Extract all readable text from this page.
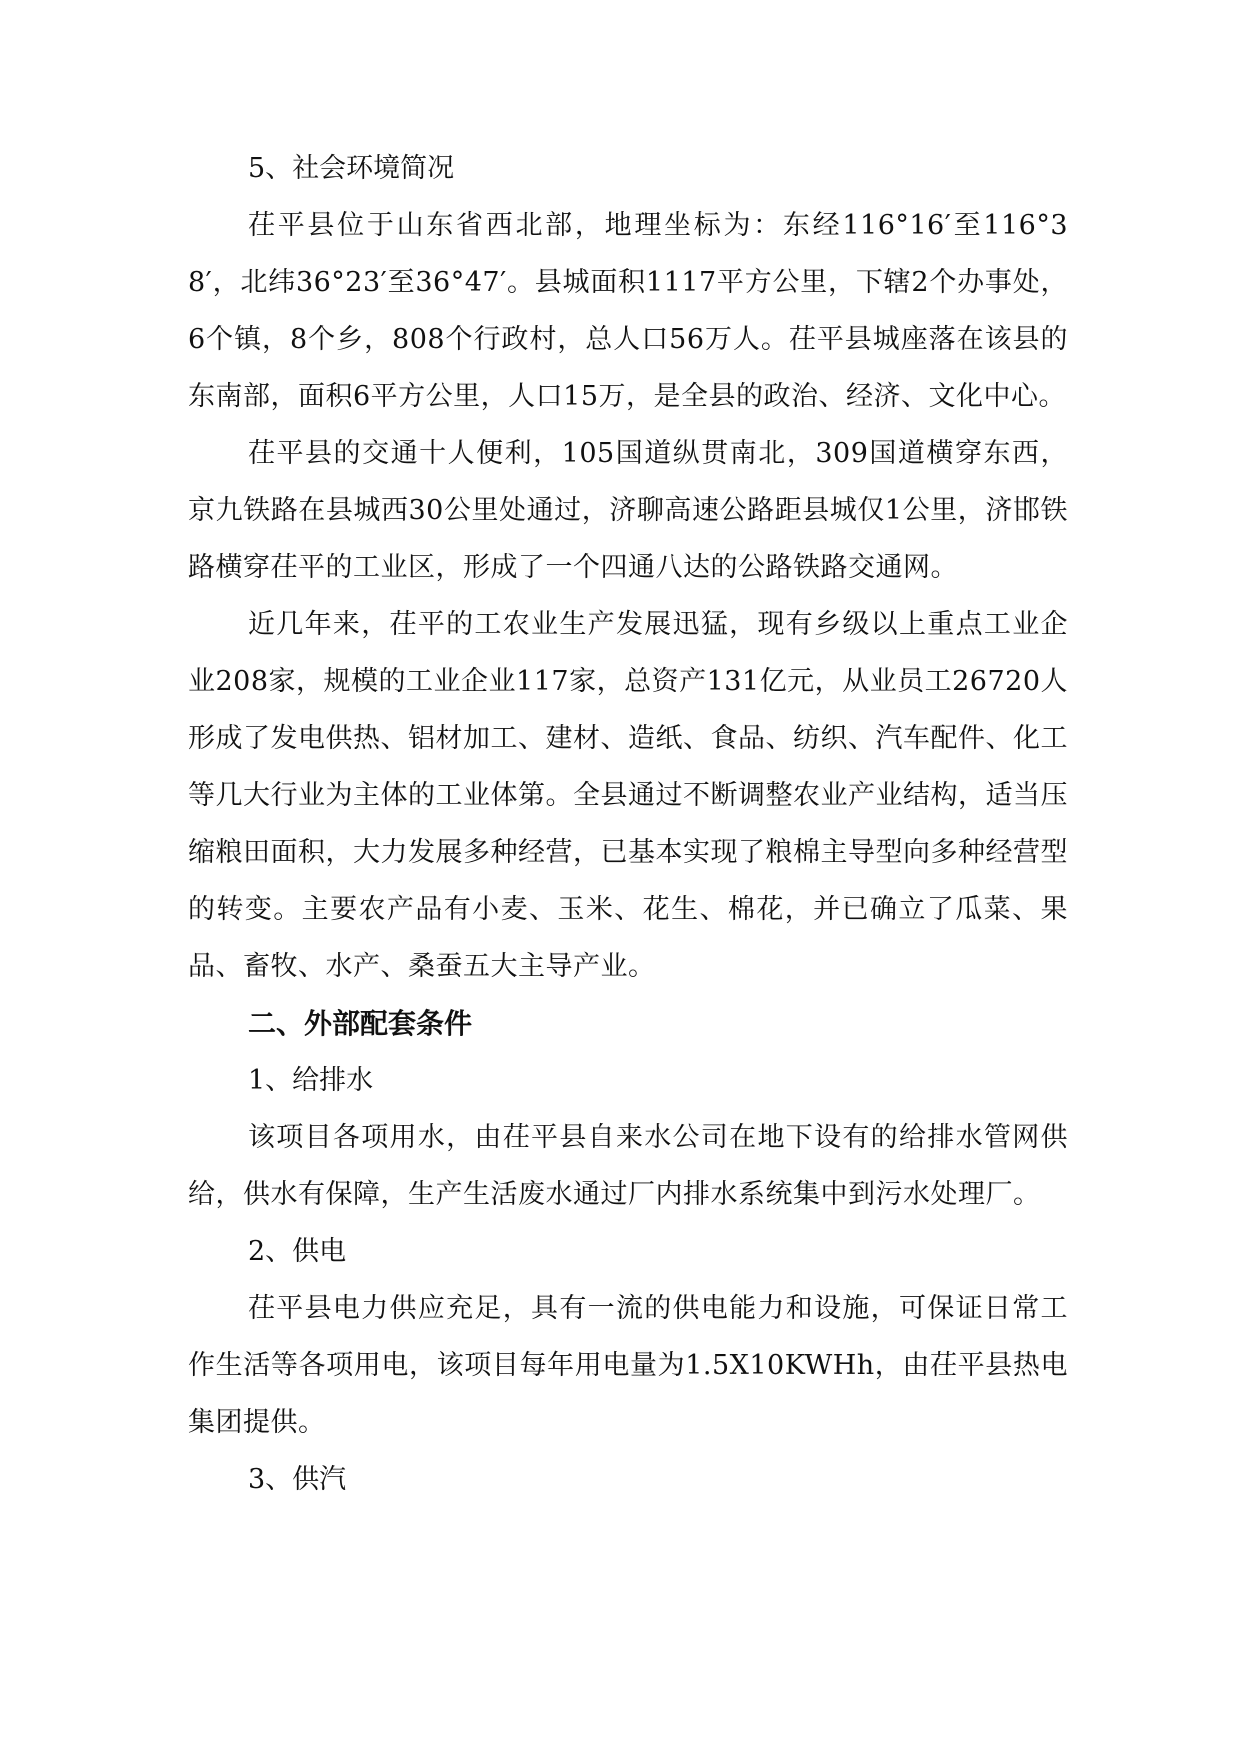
5、社会环境简况

茌平县位于山东省西北部，地理坐标为：东经116°16′至116°38′，北纬36°23′至36°47′。县城面积1117平方公里，下辖2个办事处，6个镇，8个乡，808个行政村，总人口56万人。茌平县城座落在该县的东南部，面积6平方公里，人口15万，是全县的政治、经济、文化中心。

茌平县的交通十人便利，105国道纵贯南北，309国道横穿东西，京九铁路在县城西30公里处通过，济聊高速公路距县城仅1公里，济邯铁路横穿茌平的工业区，形成了一个四通八达的公路铁路交通网。

近几年来，茌平的工农业生产发展迅猛，现有乡级以上重点工业企业208家，规模的工业企业117家，总资产131亿元，从业员工26720人形成了发电供热、铝材加工、建材、造纸、食品、纺织、汽车配件、化工等几大行业为主体的工业体第。全县通过不断调整农业产业结构，适当压缩粮田面积，大力发展多种经营，已基本实现了粮棉主导型向多种经营型的转变。主要农产品有小麦、玉米、花生、棉花，并已确立了瓜菜、果品、畜牧、水产、桑蚕五大主导产业。

二、外部配套条件

1、给排水

该项目各项用水，由茌平县自来水公司在地下设有的给排水管网供给，供水有保障，生产生活废水通过厂内排水系统集中到污水处理厂。

2、供电

茌平县电力供应充足，具有一流的供电能力和设施，可保证日常工作生活等各项用电，该项目每年用电量为1.5X10KWHh，由茌平县热电集团提供。

3、供汽
